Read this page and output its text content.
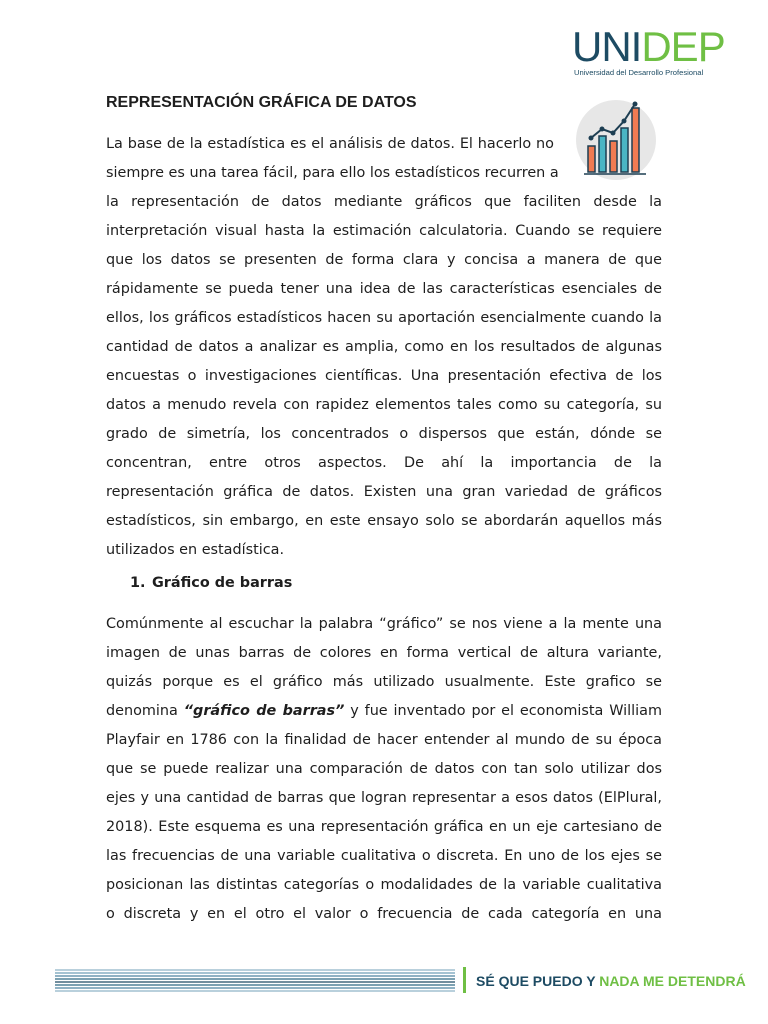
UNIDEP
Universidad del Desarrollo Profesional
REPRESENTACIÓN GRÁFICA DE DATOS

La base de la estadística es el análisis de datos. El hacerlo no

siempre es una tarea fácil, para ello los estadísticos recurren a

la representación de datos mediante gráficos que faciliten desde la

interpretación visual hasta la estimación calculatoria. Cuando se requiere

que los datos se presenten de forma clara y concisa a manera de que

rápidamente se pueda tener una idea de las características esenciales de

ellos, los gráficos estadísticos hacen su aportación esencialmente cuando la

cantidad de datos a analizar es amplia, como en los resultados de algunas

encuestas o investigaciones científicas. Una presentación efectiva de los

datos a menudo revela con rapidez elementos tales como su categoría, su

grado de simetría, los concentrados o dispersos que están, dónde se

concentran, entre otros aspectos. De ahí la importancia de la

representación gráfica de datos. Existen una gran variedad de gráficos

estadísticos, sin embargo, en este ensayo solo se abordarán aquellos más

utilizados en estadística.

1. Gráfico de barras

Comúnmente al escuchar la palabra “gráfico” se nos viene a la mente una

imagen de unas barras de colores en forma vertical de altura variante,

quizás porque es el gráfico más utilizado usualmente. Este grafico se

denomina “gráfico de barras” y fue inventado por el economista William

Playfair en 1786 con la finalidad de hacer entender al mundo de su época

que se puede realizar una comparación de datos con tan solo utilizar dos

ejes y una cantidad de barras que logran representar a esos datos (ElPlural,

2018). Este esquema es una representación gráfica en un eje cartesiano de

las frecuencias de una variable cualitativa o discreta. En uno de los ejes se

posicionan las distintas categorías o modalidades de la variable cualitativa

o discreta y en el otro el valor o frecuencia de cada categoría en una

SÉ QUE PUEDO Y NADA ME DETENDRÁ
